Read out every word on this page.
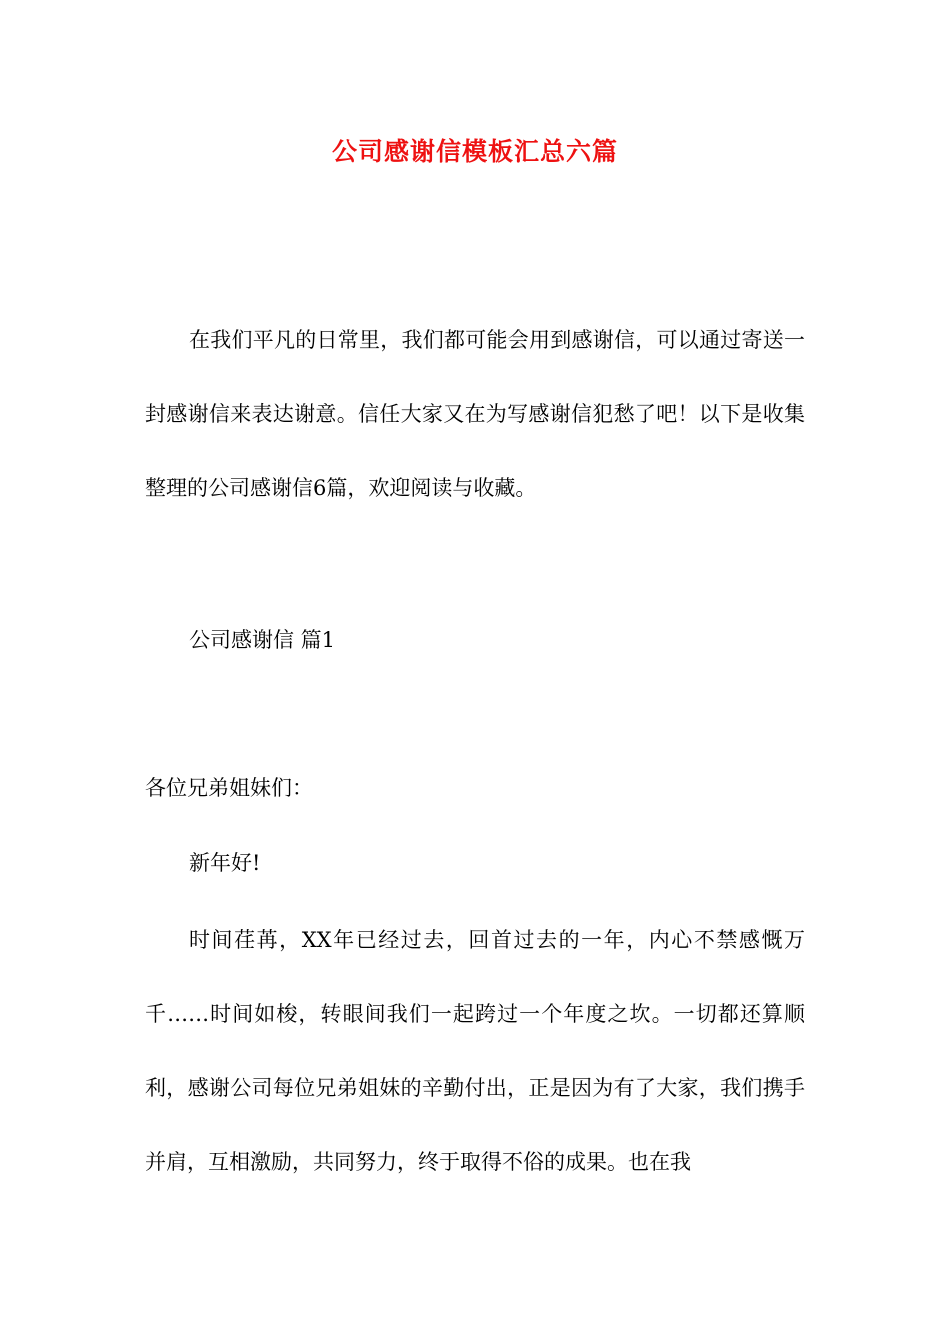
公司感谢信模板汇总六篇

在我们平凡的日常里，我们都可能会用到感谢信，可以通过寄送一封感谢信来表达谢意。信任大家又在为写感谢信犯愁了吧！以下是收集整理的公司感谢信6篇，欢迎阅读与收藏。

公司感谢信 篇1

各位兄弟姐妹们：

新年好!

时间荏苒，XX年已经过去，回首过去的一年，内心不禁感慨万千……时间如梭，转眼间我们一起跨过一个年度之坎。一切都还算顺利，感谢公司每位兄弟姐妹的辛勤付出，正是因为有了大家，我们携手并肩，互相激励，共同努力，终于取得不俗的成果。也在我
